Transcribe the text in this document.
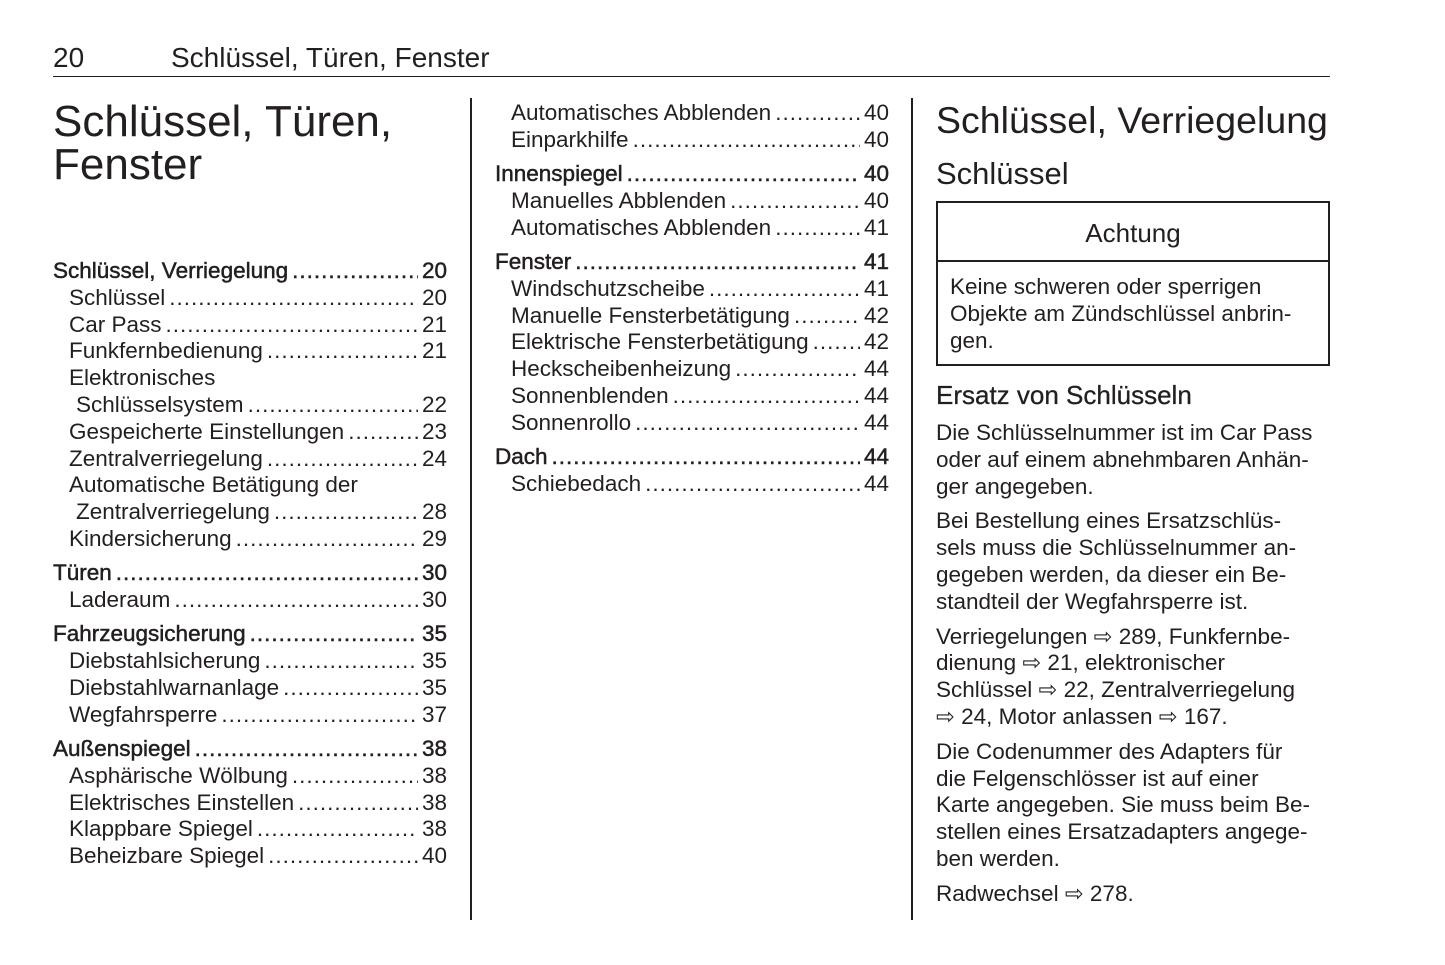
20	Schlüssel, Türen, Fenster
Schlüssel, Türen, Fenster
Schlüssel, Verriegelung .....	20
Schlüssel .....	20
Car Pass .....	21
Funkfernbedienung .....	21
Elektronisches
Schlüsselsystem .....	22
Gespeicherte Einstellungen .....	23
Zentralverriegelung .....	24
Automatische Betätigung der
Zentralverriegelung .....	28
Kindersicherung .....	29
Türen .....	30
Laderaum .....	30
Fahrzeugsicherung .....	35
Diebstahlsicherung .....	35
Diebstahlwarnanlage .....	35
Wegfahrsperre .....	37
Außenspiegel .....	38
Asphärische Wölbung .....	38
Elektrisches Einstellen .....	38
Klappbare Spiegel .....	38
Beheizbare Spiegel .....	40
Automatisches Abblenden .....	40
Einparkhilfe .....	40
Innenspiegel .....	40
Manuelles Abblenden .....	40
Automatisches Abblenden .....	41
Fenster .....	41
Windschutzscheibe .....	41
Manuelle Fensterbetätigung .....	42
Elektrische Fensterbetätigung ..... 42
Heckscheibenheizung .....	44
Sonnenblenden .....	44
Sonnenrollo .....	44
Dach .....	44
Schiebedach .....	44
Schlüssel, Verriegelung
Schlüssel
Achtung
Keine schweren oder sperrigen
Objekte am Zündschlüssel anbrin-
gen.
Ersatz von Schlüsseln
Die Schlüsselnummer ist im Car Pass
oder auf einem abnehmbaren Anhän-
ger angegeben.
Bei Bestellung eines Ersatzschlüs-
sels muss die Schlüsselnummer an-
gegeben werden, da dieser ein Be-
standteil der Wegfahrsperre ist.
Verriegelungen ⇨ 289, Funkfernbe-
dienung ⇨ 21, elektronischer
Schlüssel ⇨ 22, Zentralverriegelung
⇨ 24, Motor anlassen ⇨ 167.
Die Codenummer des Adapters für
die Felgenschlösser ist auf einer
Karte angegeben. Sie muss beim Be-
stellen eines Ersatzadapters angege-
ben werden.
Radwechsel ⇨ 278.
